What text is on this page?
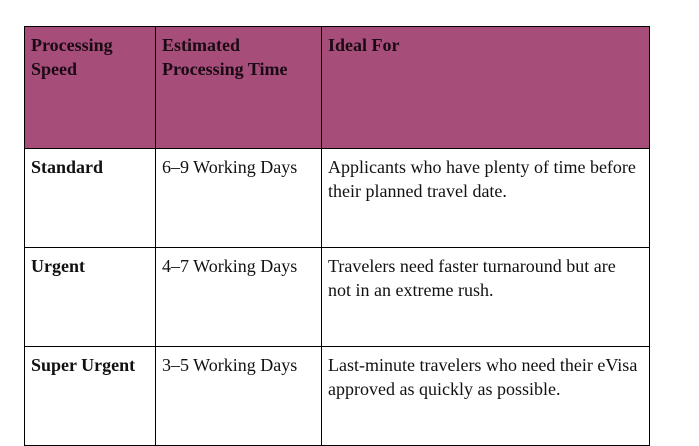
Processing Speed	Estimated Processing Time	Ideal For
Standard	6–9 Working Days	Applicants who have plenty of time before their planned travel date.
Urgent	4–7 Working Days	Travelers need faster turnaround but are not in an extreme rush.
Super Urgent	3–5 Working Days	Last-minute travelers who need their eVisa approved as quickly as possible.
